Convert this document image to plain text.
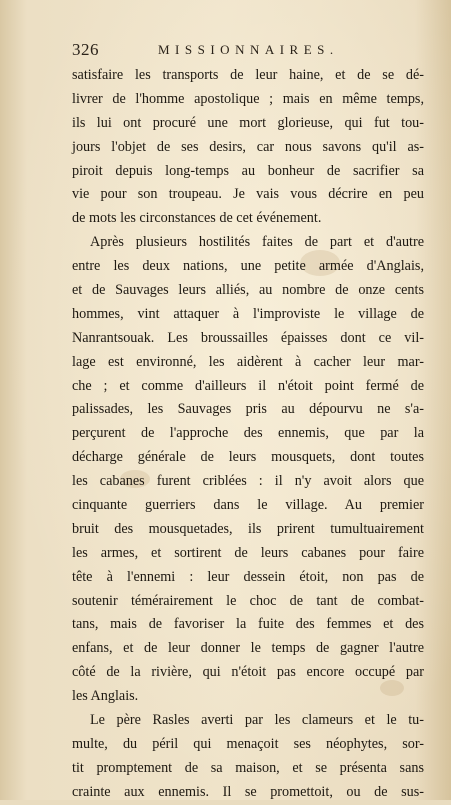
326	MISSIONNAIRES.
satisfaire les transports de leur haine, et de se dé-
livrer de l'homme apostolique ; mais en même temps,
ils lui ont procuré une mort glorieuse, qui fut tou-
jours l'objet de ses desirs, car nous savons qu'il as-
piroit depuis long-temps au bonheur de sacrifier sa
vie pour son troupeau. Je vais vous décrire en peu
de mots les circonstances de cet événement.
Après plusieurs hostilités faites de part et d'autre
entre les deux nations, une petite armée d'Anglais,
et de Sauvages leurs alliés, au nombre de onze cents
hommes, vint attaquer à l'improviste le village de
Nanrantsouak. Les broussailles épaisses dont ce vil-
lage est environné, les aidèrent à cacher leur mar-
che ; et comme d'ailleurs il n'étoit point fermé de
palissades, les Sauvages pris au dépourvu ne s'a-
perçurent de l'approche des ennemis, que par la
décharge générale de leurs mousquets, dont toutes
les cabanes furent criblées : il n'y avoit alors que
cinquante guerriers dans le village. Au premier
bruit des mousquetades, ils prirent tumultuairement
les armes, et sortirent de leurs cabanes pour faire
tête à l'ennemi : leur dessein étoit, non pas de
soutenir témérairement le choc de tant de combat-
tans, mais de favoriser la fuite des femmes et des
enfans, et de leur donner le temps de gagner l'autre
côté de la rivière, qui n'étoit pas encore occupé par
les Anglais.
Le père Rasles averti par les clameurs et le tu-
multe, du péril qui menaçoit ses néophytes, sor-
tit promptement de sa maison, et se présenta sans
crainte aux ennemis. Il se promettoit, ou de sus-
